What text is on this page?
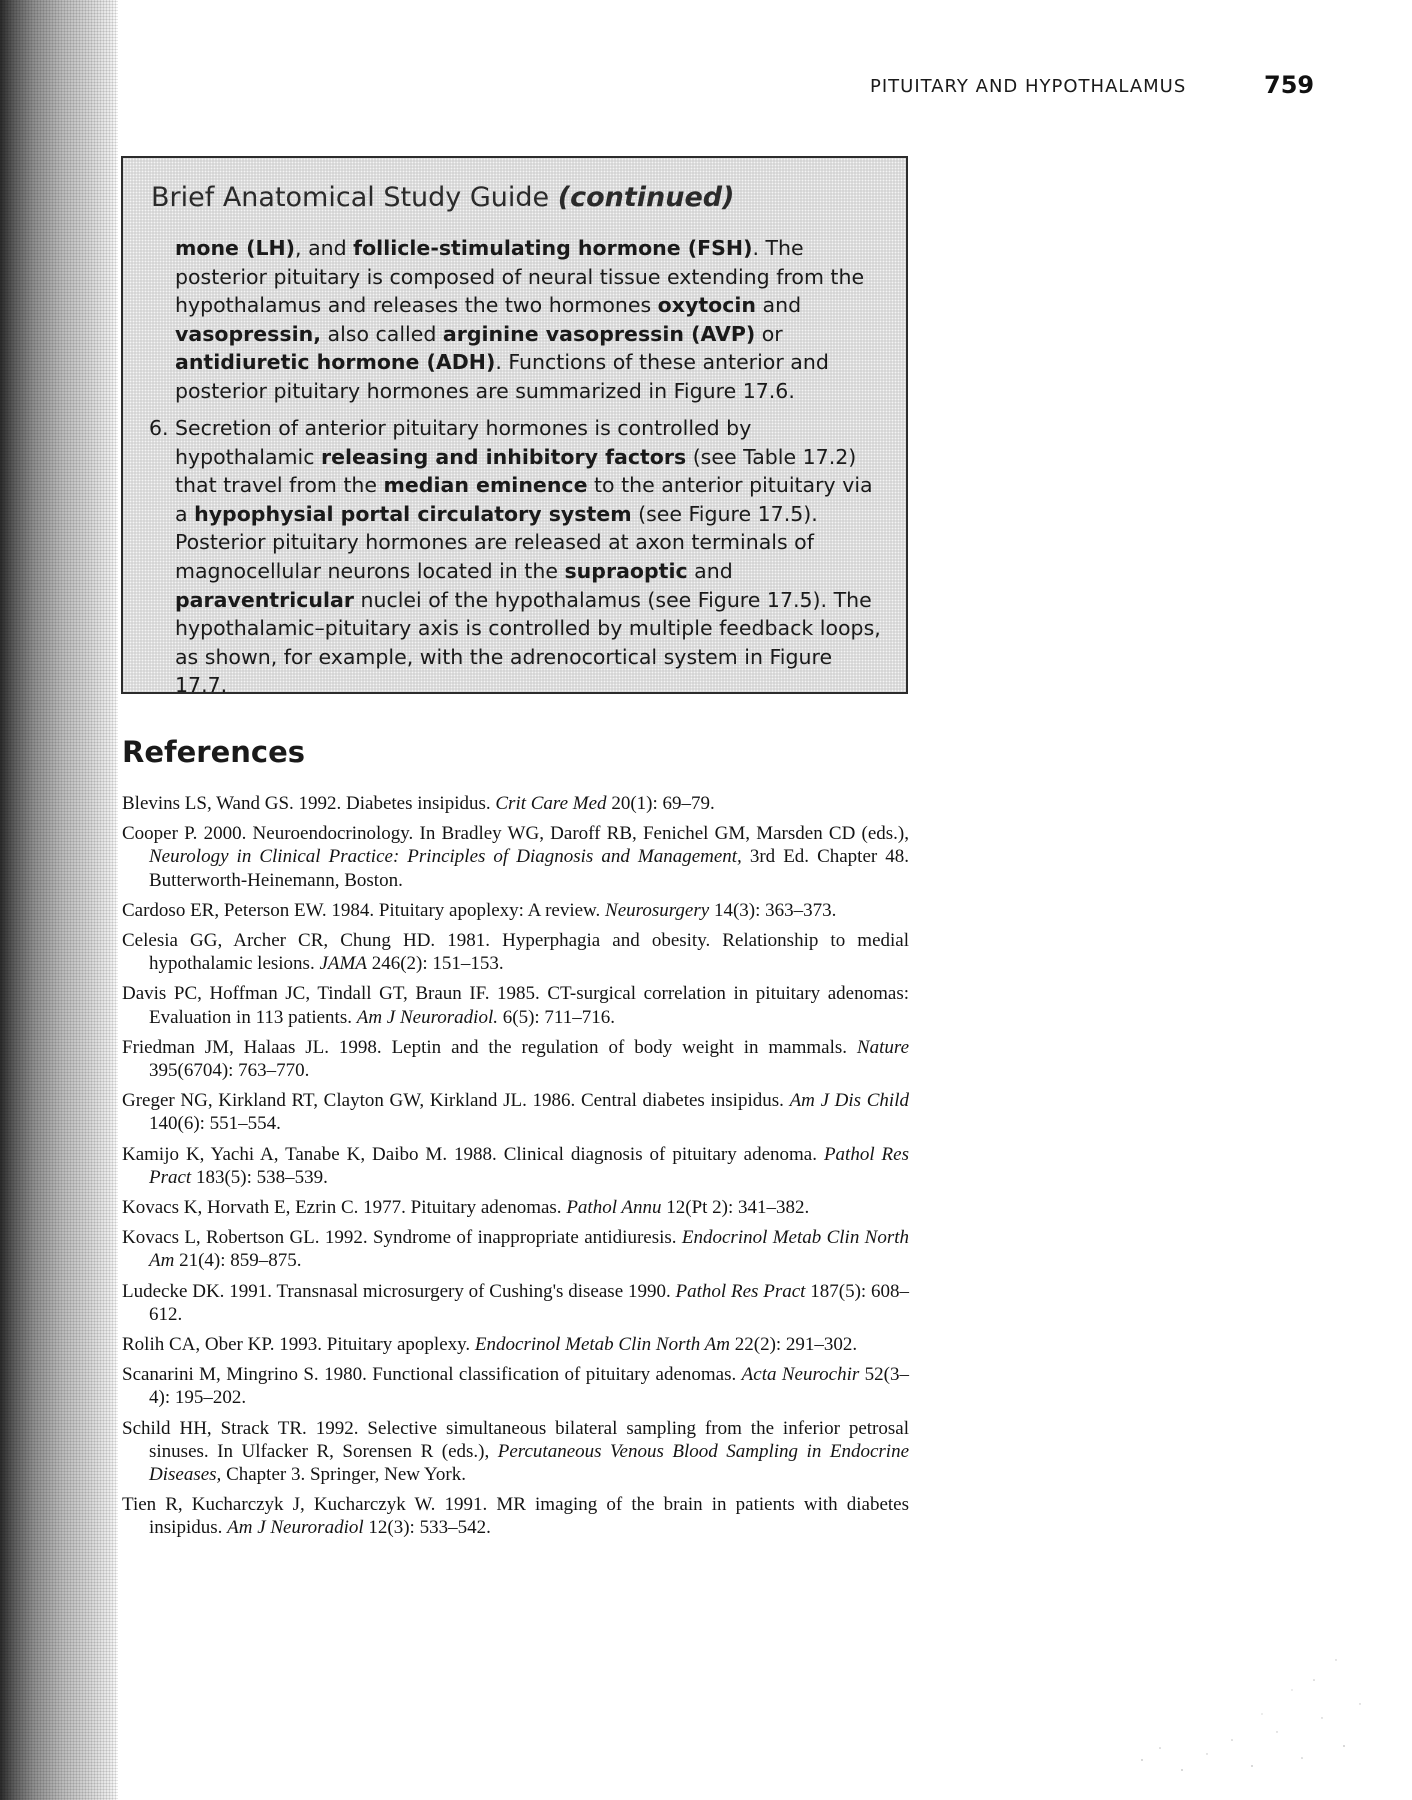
PITUITARY AND HYPOTHALAMUS	759
Brief Anatomical Study Guide (continued)

mone (LH), and follicle-stimulating hormone (FSH). The posterior pituitary is composed of neural tissue extending from the hypothalamus and releases the two hormones oxytocin and vasopressin, also called arginine vasopressin (AVP) or antidiuretic hormone (ADH). Functions of these anterior and posterior pituitary hormones are summarized in Figure 17.6.

6. Secretion of anterior pituitary hormones is controlled by hypothalamic releasing and inhibitory factors (see Table 17.2) that travel from the median eminence to the anterior pituitary via a hypophysial portal circulatory system (see Figure 17.5). Posterior pituitary hormones are released at axon terminals of magnocellular neurons located in the supraoptic and paraventricular nuclei of the hypothalamus (see Figure 17.5). The hypothalamic–pituitary axis is controlled by multiple feedback loops, as shown, for example, with the adrenocortical system in Figure 17.7.

References
Blevins LS, Wand GS. 1992. Diabetes insipidus. Crit Care Med 20(1): 69–79.
Cooper P. 2000. Neuroendocrinology. In Bradley WG, Daroff RB, Fenichel GM, Marsden CD (eds.), Neurology in Clinical Practice: Principles of Diagnosis and Management, 3rd Ed. Chapter 48. Butterworth-Heinemann, Boston.
Cardoso ER, Peterson EW. 1984. Pituitary apoplexy: A review. Neurosurgery 14(3): 363–373.
Celesia GG, Archer CR, Chung HD. 1981. Hyperphagia and obesity. Relationship to medial hypothalamic lesions. JAMA 246(2): 151–153.
Davis PC, Hoffman JC, Tindall GT, Braun IF. 1985. CT-surgical correlation in pituitary adenomas: Evaluation in 113 patients. Am J Neuroradiol. 6(5): 711–716.
Friedman JM, Halaas JL. 1998. Leptin and the regulation of body weight in mammals. Nature 395(6704): 763–770.
Greger NG, Kirkland RT, Clayton GW, Kirkland JL. 1986. Central diabetes insipidus. Am J Dis Child 140(6): 551–554.
Kamijo K, Yachi A, Tanabe K, Daibo M. 1988. Clinical diagnosis of pituitary adenoma. Pathol Res Pract 183(5): 538–539.
Kovacs K, Horvath E, Ezrin C. 1977. Pituitary adenomas. Pathol Annu 12(Pt 2): 341–382.
Kovacs L, Robertson GL. 1992. Syndrome of inappropriate antidiuresis. Endocrinol Metab Clin North Am 21(4): 859–875.
Ludecke DK. 1991. Transnasal microsurgery of Cushing's disease 1990. Pathol Res Pract 187(5): 608–612.
Rolih CA, Ober KP. 1993. Pituitary apoplexy. Endocrinol Metab Clin North Am 22(2): 291–302.
Scanarini M, Mingrino S. 1980. Functional classification of pituitary adenomas. Acta Neurochir 52(3–4): 195–202.
Schild HH, Strack TR. 1992. Selective simultaneous bilateral sampling from the inferior petrosal sinuses. In Ulfacker R, Sorensen R (eds.), Percutaneous Venous Blood Sampling in Endocrine Diseases, Chapter 3. Springer, New York.
Tien R, Kucharczyk J, Kucharczyk W. 1991. MR imaging of the brain in patients with diabetes insipidus. Am J Neuroradiol 12(3): 533–542.
